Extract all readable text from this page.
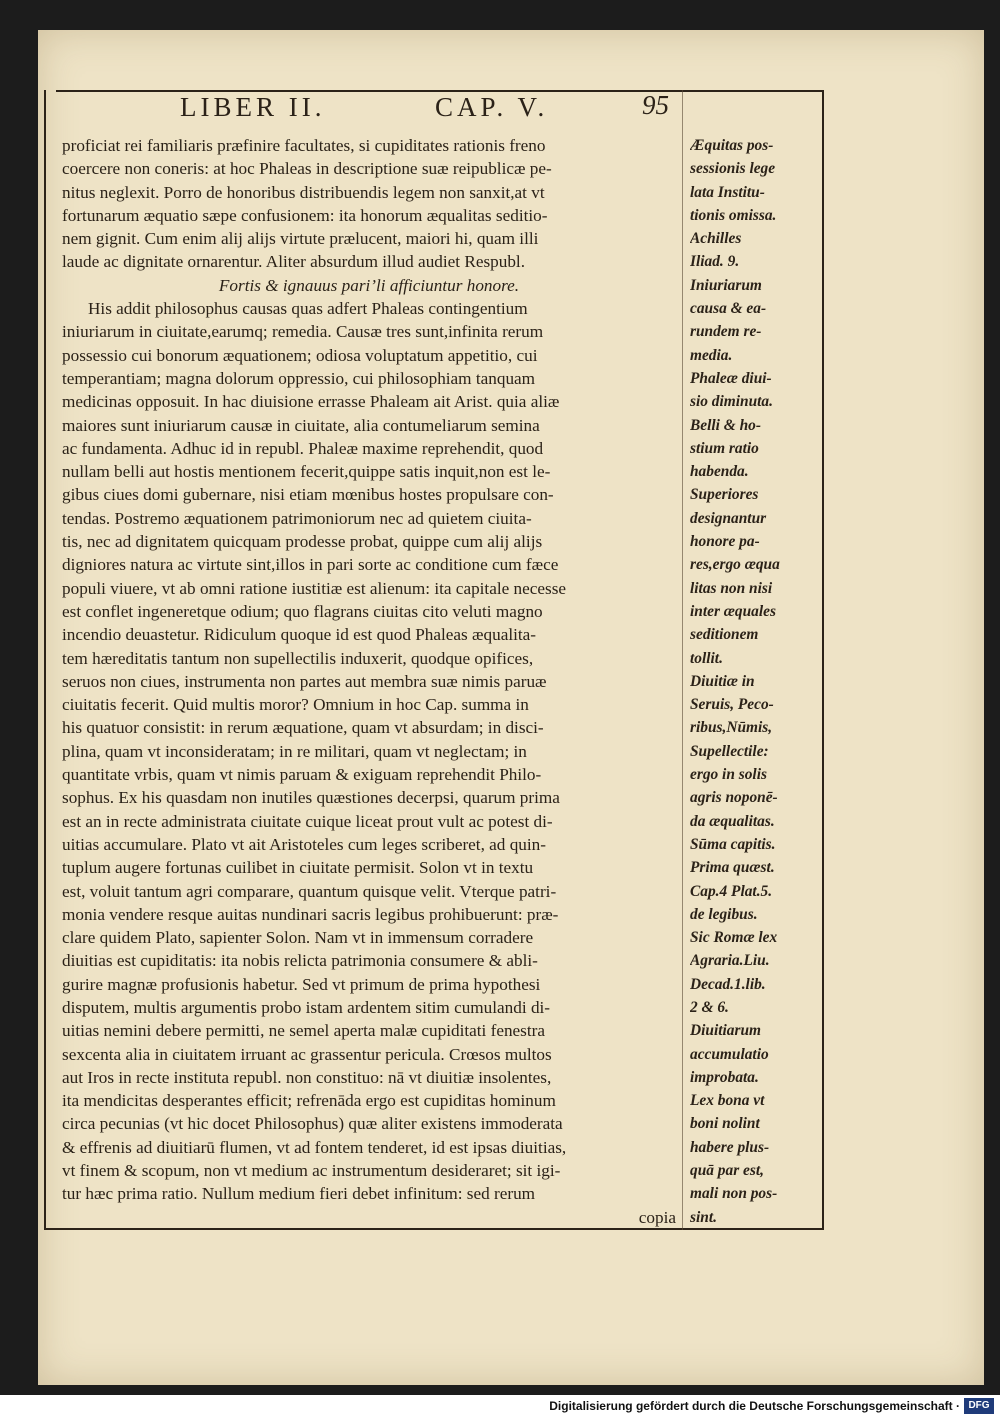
LIBER II.	CAP. V.	95
proficiat rei familiaris præfinire facultates, si cupiditates rationis freno
coercere non coneris: at hoc Phaleas in descriptione suæ reipublicæ pe-
nitus neglexit. Porro de honoribus distribuendis legem non sanxit,at vt
fortunarum æquatio sæpe confusionem: ita honorum æqualitas seditio-
nem gignit. Cum enim alij alijs virtute prælucent, maiori hi, quam illi
laude ac dignitate ornarentur. Aliter absurdum illud audiet Respubl.
Fortis & ignauus pari’li afficiuntur honore.
His addit philosophus causas quas adfert Phaleas contingentium
iniuriarum in ciuitate,earumq; remedia. Causæ tres sunt,infinita rerum
possessio cui bonorum æquationem; odiosa voluptatum appetitio, cui
temperantiam; magna dolorum oppressio, cui philosophiam tanquam
medicinas opposuit. In hac diuisione errasse Phaleam ait Arist. quia aliæ
maiores sunt iniuriarum causæ in ciuitate, alia contumeliarum semina
ac fundamenta. Adhuc id in republ. Phaleæ maxime reprehendit, quod
nullam belli aut hostis mentionem fecerit,quippe satis inquit,non est le-
gibus ciues domi gubernare, nisi etiam mœnibus hostes propulsare con-
tendas. Postremo æquationem patrimoniorum nec ad quietem ciuita-
tis, nec ad dignitatem quicquam prodesse probat, quippe cum alij alijs
digniores natura ac virtute sint,illos in pari sorte ac conditione cum fæce
populi viuere, vt ab omni ratione iustitiæ est alienum: ita capitale necesse
est conflet ingeneretque odium; quo flagrans ciuitas cito veluti magno
incendio deuastetur. Ridiculum quoque id est quod Phaleas æqualita-
tem hæreditatis tantum non supellectilis induxerit, quodque opifices,
seruos non ciues, instrumenta non partes aut membra suæ nimis paruæ
ciuitatis fecerit. Quid multis moror? Omnium in hoc Cap. summa in
his quatuor consistit: in rerum æquatione, quam vt absurdam; in disci-
plina, quam vt inconsideratam; in re militari, quam vt neglectam; in
quantitate vrbis, quam vt nimis paruam & exiguam reprehendit Philo-
sophus. Ex his quasdam non inutiles quæstiones decerpsi, quarum prima
est an in recte administrata ciuitate cuique liceat prout vult ac potest di-
uitias accumulare. Plato vt ait Aristoteles cum leges scriberet, ad quin-
tuplum augere fortunas cuilibet in ciuitate permisit. Solon vt in textu
est, voluit tantum agri comparare, quantum quisque velit. Vterque patri-
monia vendere resque auitas nundinari sacris legibus prohibuerunt: præ-
clare quidem Plato, sapienter Solon. Nam vt in immensum corradere
diuitias est cupiditatis: ita nobis relicta patrimonia consumere & abli-
gurire magnæ profusionis habetur. Sed vt primum de prima hypothesi
disputem, multis argumentis probo istam ardentem sitim cumulandi di-
uitias nemini debere permitti, ne semel aperta malæ cupiditati fenestra
sexcenta alia in ciuitatem irruant ac grassentur pericula. Crœsos multos
aut Iros in recte instituta republ. non constituo: nā vt diuitiæ insolentes,
ita mendicitas desperantes efficit; refrenāda ergo est cupiditas hominum
circa pecunias (vt hic docet Philosophus) quæ aliter existens immoderata
& effrenis ad diuitiarū flumen, vt ad fontem tenderet, id est ipsas diuitias,
vt finem & scopum, non vt medium ac instrumentum desideraret; sit igi-
tur hæc prima ratio. Nullum medium fieri debet infinitum: sed rerum
copia
Æquitas pos-
sessionis lege
lata Institu-
tionis omissa.
Achilles
Iliad. 9.
Iniuriarum
causa & ea-
rundem re-
media.
Phaleæ diui-
sio diminuta.
Belli & ho-
stium ratio
habenda.
Superiores
designantur
honore pa-
res,ergo æqua
litas non nisi
inter æquales
seditionem
tollit.
Diuitiæ in
Seruis, Peco-
ribus,Nūmis,
Supellectile:
ergo in solis
agris noponē-
da æqualitas.
Sūma capitis.
Prima quæst.
Cap.4 Plat.5.
de legibus.
Sic Romæ lex
Agraria.Liu.
Decad.1.lib.
2 & 6.
Diuitiarum
accumulatio
improbata.
Lex bona vt
boni nolint
habere plus-
quā par est,
mali non pos-
sint.
Digitalisierung gefördert durch die Deutsche Forschungsgemeinschaft · DFG
